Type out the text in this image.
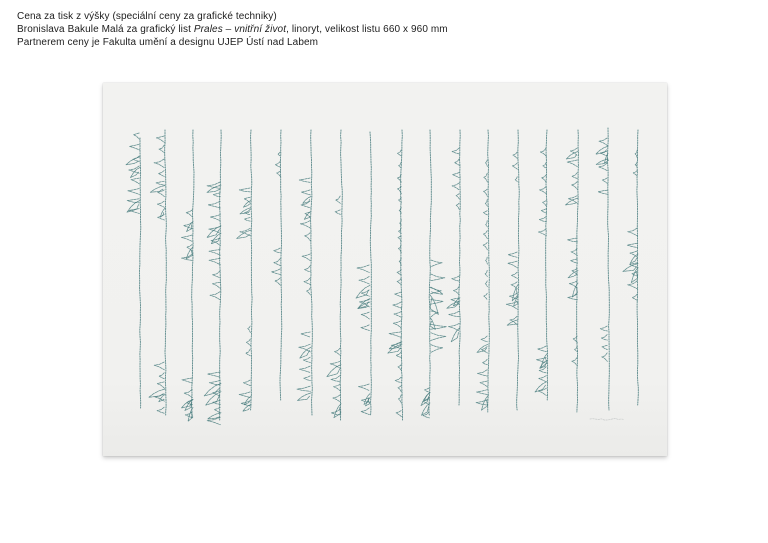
Cena za tisk z výšky (speciální ceny za grafické techniky)

Bronislava Bakule Malá za grafický list Prales – vnitřní život, linoryt, velikost listu 660 x 960 mm

Partnerem ceny je Fakulta umění a designu UJEP Ústí nad Labem
